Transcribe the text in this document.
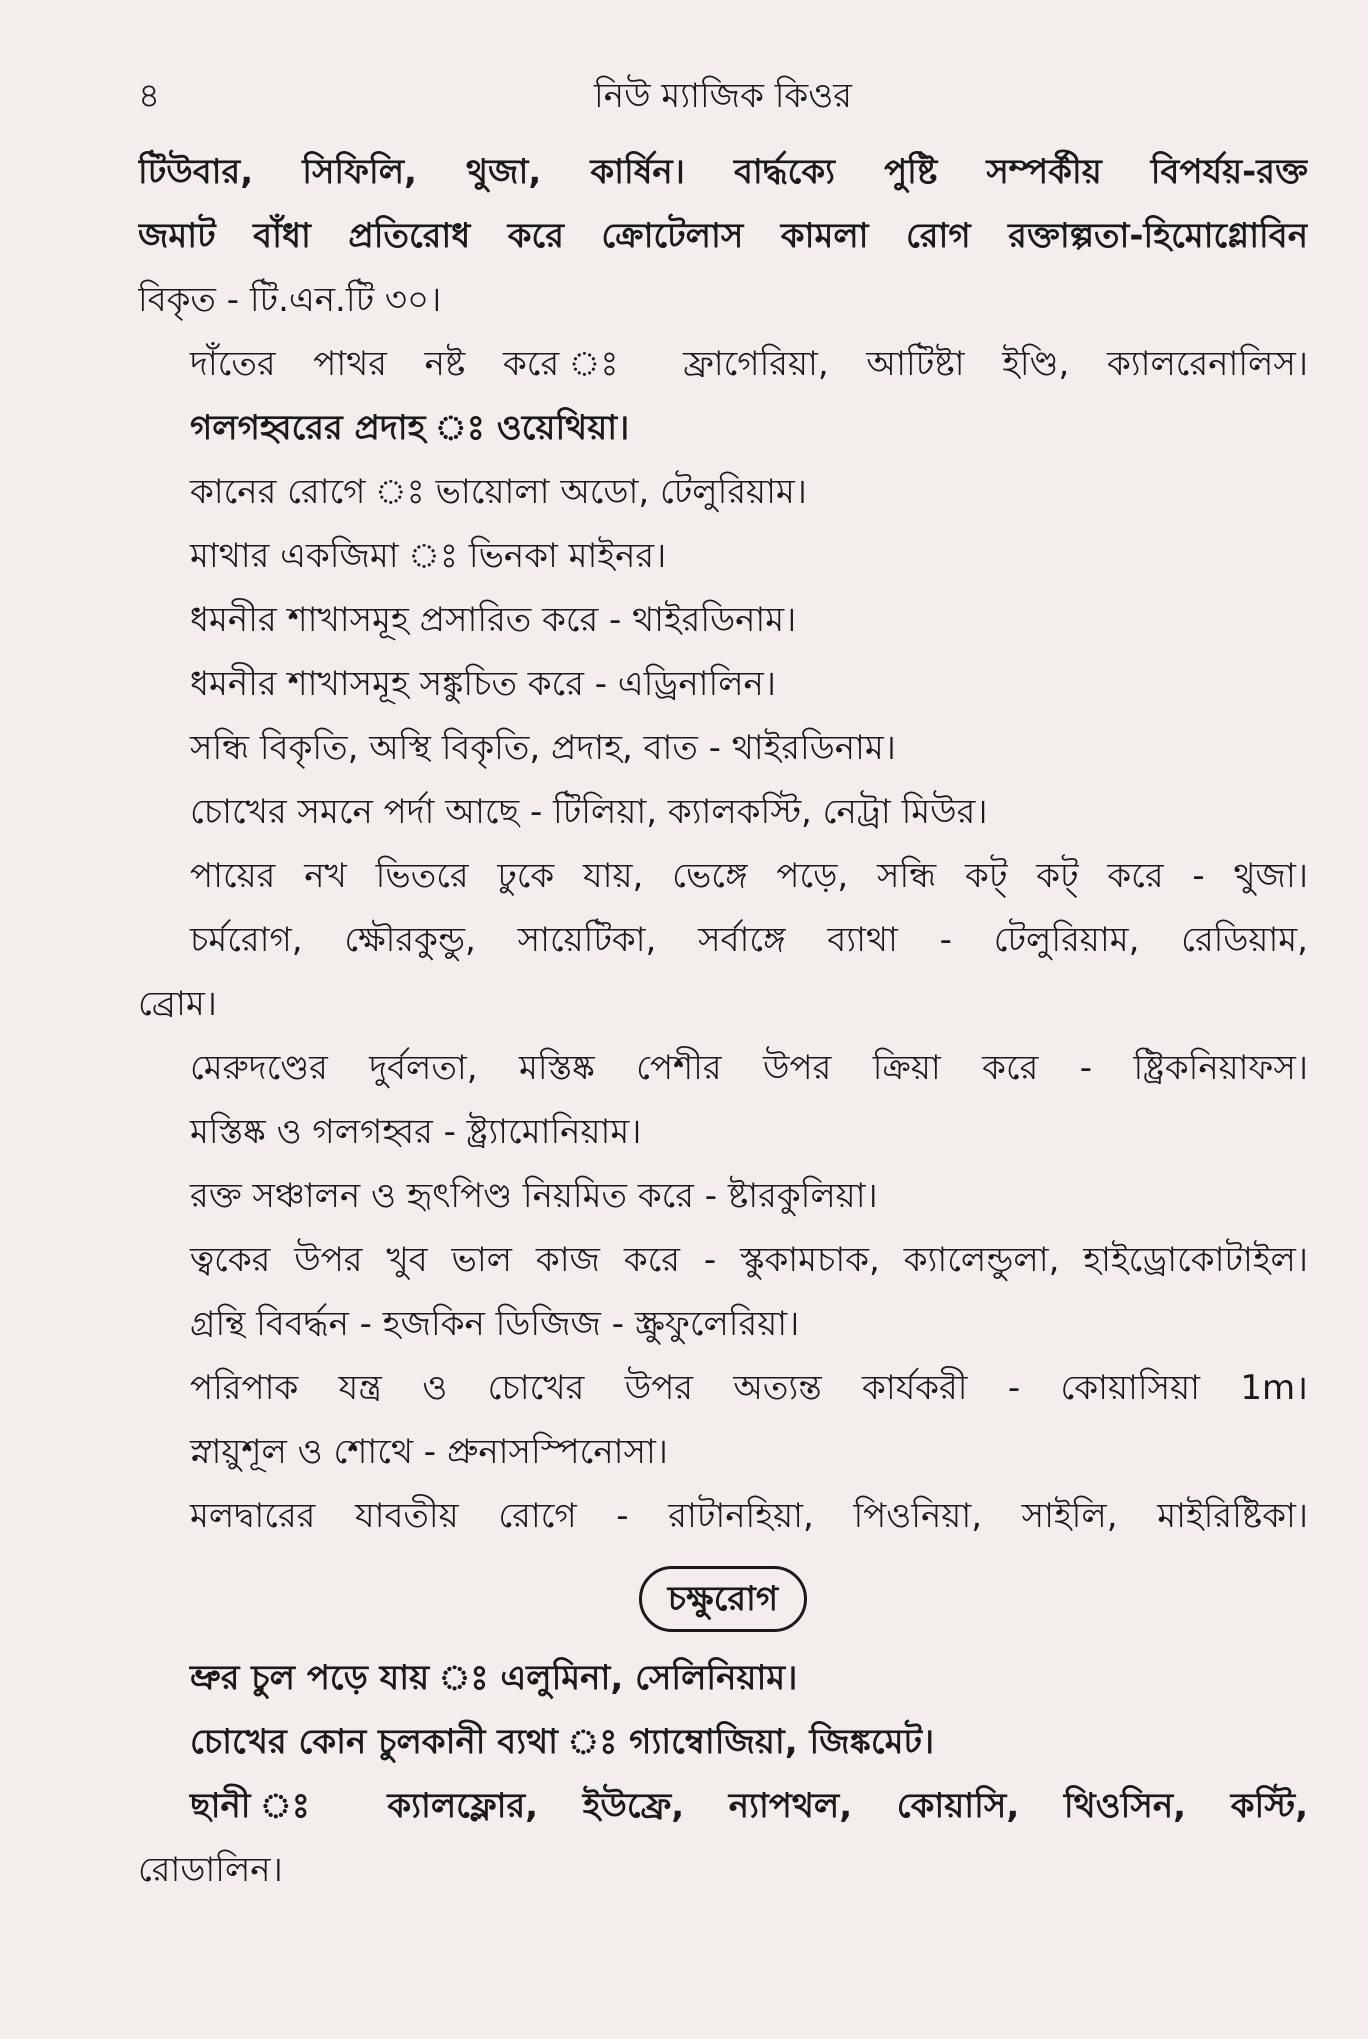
৪	নিউ ম্যাজিক কিওর
টিউবার, সিফিলি, থুজা, কার্ষিন। বার্দ্ধক্যে পুষ্টি সম্পর্কীয় বিপর্যয়-রক্ত
জমাট বাঁধা প্রতিরোধ করে ক্রোটেলাস কামলা রোগ রক্তাল্পতা-হিমোগ্লোবিন
বিকৃত - টি.এন.টি ৩০।
দাঁতের পাথর নষ্ট করে ঃ ফ্রাগেরিয়া, আটিষ্টা ইণ্ডি, ক্যালরেনালিস।
গলগহ্বরের প্রদাহ ঃ ওয়েথিয়া।
কানের রোগে ঃ ভায়োলা অডো, টেলুরিয়াম।
মাথার একজিমা ঃ ভিনকা মাইনর।
ধমনীর শাখাসমূহ প্রসারিত করে - থাইরডিনাম।
ধমনীর শাখাসমূহ সঙ্কুচিত করে - এড্রিনালিন।
সন্ধি বিকৃতি, অস্থি বিকৃতি, প্রদাহ, বাত - থাইরডিনাম।
চোখের সমনে পর্দা আছে - টিলিয়া, ক্যালকস্টি, নেট্রা মিউর।
পায়ের নখ ভিতরে ঢুকে যায়, ভেঙ্গে পড়ে, সন্ধি কট্ কট্ করে - থুজা।
চর্মরোগ, ক্ষৌরকুন্ডু, সায়েটিকা, সর্বাঙ্গে ব্যাথা - টেলুরিয়াম, রেডিয়াম,
ব্রোম।
মেরুদণ্ডের দুর্বলতা, মস্তিষ্ক পেশীর উপর ক্রিয়া করে - ষ্ট্রিকনিয়াফস।
মস্তিষ্ক ও গলগহ্বর - ষ্ট্র্যামোনিয়াম।
রক্ত সঞ্চালন ও হৃৎপিণ্ড নিয়মিত করে - ষ্টারকুলিয়া।
ত্বকের উপর খুব ভাল কাজ করে - স্কুকামচাক, ক্যালেন্ডুলা, হাইড্রোকোটাইল।
গ্রন্থি বিবর্দ্ধন - হজকিন ডিজিজ - স্ক্রুফুলেরিয়া।
পরিপাক যন্ত্র ও চোখের উপর অত্যন্ত কার্যকরী - কোয়াসিয়া 1m।
স্নায়ুশূল ও শোথে - প্রুনাসস্পিনোসা।
মলদ্বারের যাবতীয় রোগে - রাটানহিয়া, পিওনিয়া, সাইলি, মাইরিষ্টিকা।
চক্ষুরোগ
ভ্রুর চুল পড়ে যায় ঃ এলুমিনা, সেলিনিয়াম।
চোখের কোন চুলকানী ব্যথা ঃ গ্যাম্বোজিয়া, জিঙ্কমেট।
ছানী ঃ ক্যালফ্লোর, ইউফ্রে, ন্যাপথল, কোয়াসি, থিওসিন, কস্টি,
রোডালিন।
